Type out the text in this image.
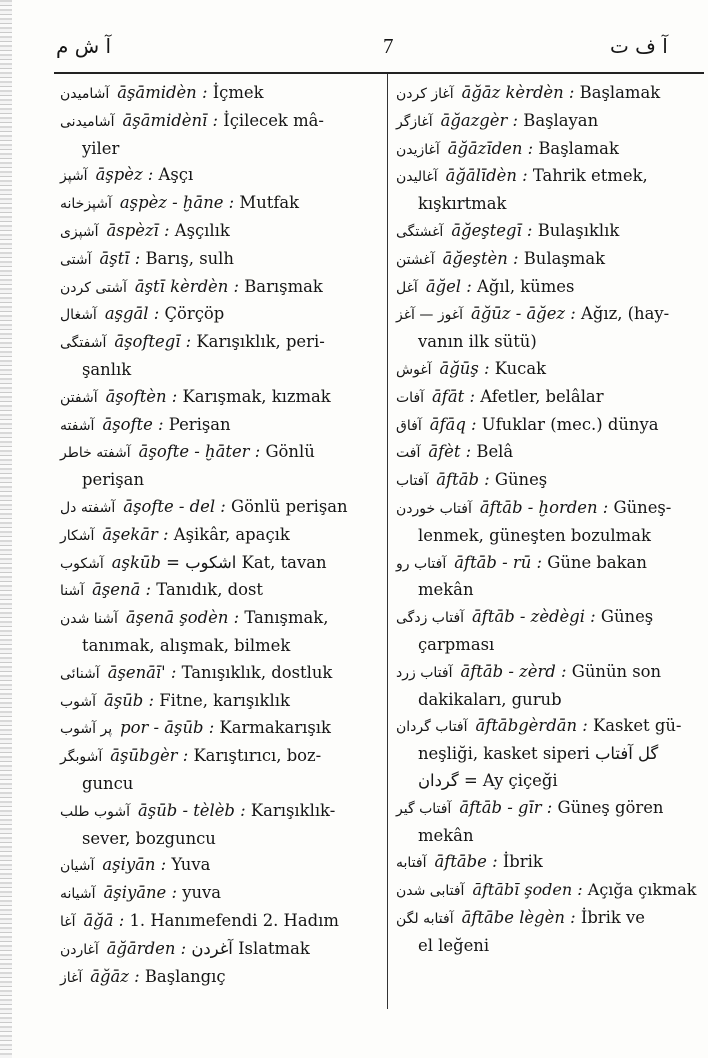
آ ش م	7	آ ف ت
آشامیدن āşāmidèn : İçmek
آشامیدنی āşāmidènī : İçilecek mâ-
yiler
آشپز āşpèz : Aşçı
آشپزخانه aşpèz - ḫāne : Mutfak
آشپزی āspèzī : Aşçılık
آشتی āştī : Barış, sulh
آشتی کردن āştī kèrdèn : Barışmak
آشغال aşgāl : Çörçöp
آشفتگی āşoftegī : Karışıklık, peri-
şanlık
آشفتن āşoftèn : Karışmak, kızmak
آشفته āşofte : Perişan
آشفته خاطر āşofte - ḫāter : Gönlü
perişan
آشفته دل āşofte - del : Gönlü perişan
آشکار āşekār : Aşikâr, apaçık
آشکوب aşkūb = اشکوب Kat, tavan
آشنا āşenā : Tanıdık, dost
آشنا شدن āşenā şodèn : Tanışmak,
tanımak, alışmak, bilmek
آشنائی āşenāī' : Tanışıklık, dostluk
آشوب āşūb : Fitne, karışıklık
پر آشوب por - āşūb : Karmakarışık
آشوبگر āşūbgèr : Karıştırıcı, boz-
guncu
آشوب طلب āşūb - tèlèb : Karışıklık-
sever, bozguncu
آشیان aşiyān : Yuva
آشیانه āşiyāne : yuva
آغا āğā : 1. Hanımefendi 2. Hadım
آغاردن āğārden : آغردن Islatmak
آغاز āğāz : Başlangıç
آغاز کردن āğāz kèrdèn : Başlamak
آغازگر āğazgèr : Başlayan
آغازیدن āğāzīden : Başlamak
آغالیدن āğālīdèn : Tahrik etmek,
kışkırtmak
آغشتگی āğeştegī : Bulaşıklık
آغشتن āğeştèn : Bulaşmak
آغل āğel : Ağıl, kümes
آغوز — آغز āğūz - āğez : Ağız, (hay-
vanın ilk sütü)
آغوش āğūş : Kucak
آفات āfāt : Afetler, belâlar
آفاق āfāq : Ufuklar (mec.) dünya
آفت āfèt : Belâ
آفتاب āftāb : Güneş
آفتاب خوردن āftāb - ḫorden : Güneş-
lenmek, güneşten bozulmak
آفتاب رو āftāb - rū : Güne bakan
mekân
آفتاب زدگی āftāb - zèdègi : Güneş
çarpması
آفتاب زرد āftāb - zèrd : Günün son
dakikaları, gurub
آفتاب گردان āftābgèrdān : Kasket gü-
neşliği, kasket siperi گل آفتاب
گردان = Ay çiçeği
آفتاب گیر āftāb - gīr : Güneş gören
mekân
آفتابه āftābe : İbrik
آفتابی شدن āftābī şoden : Açığa çıkmak
آفتابه لگن āftābe lègèn : İbrik ve
el leğeni
